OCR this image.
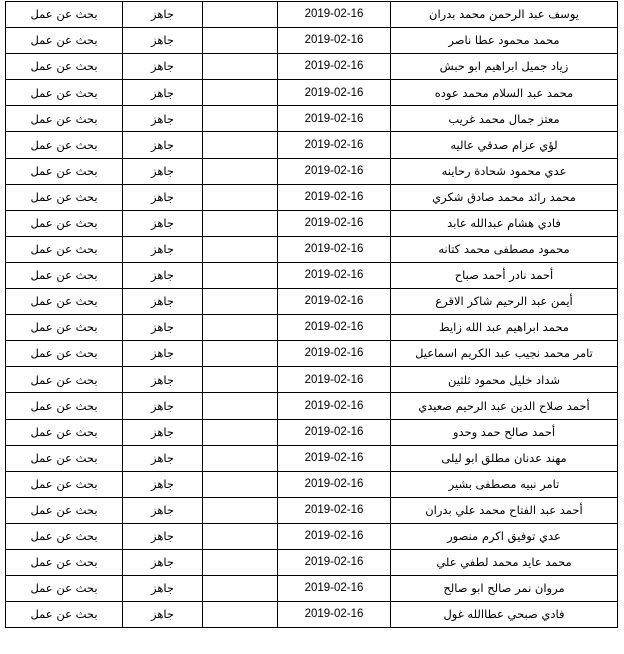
يوسف عبد الرحمن محمد بدران	2019-02-16		جاهز	بحث عن عمل
محمد محمود عطا ناصر	2019-02-16		جاهز	بحث عن عمل
زياد جميل ابراهيم ابو حبش	2019-02-16		جاهز	بحث عن عمل
محمد عبد السلام محمد عوده	2019-02-16		جاهز	بحث عن عمل
معتز جمال محمد غريب	2019-02-16		جاهز	بحث عن عمل
لؤي عزام صدقي عاليه	2019-02-16		جاهز	بحث عن عمل
عدي محمود شحادة رحاينه	2019-02-16		جاهز	بحث عن عمل
محمد رائد محمد صادق شكري	2019-02-16		جاهز	بحث عن عمل
فادي هشام عبدالله عابد	2019-02-16		جاهز	بحث عن عمل
محمود مصطفى محمد كتانه	2019-02-16		جاهز	بحث عن عمل
أحمد نادر أحمد صباح	2019-02-16		جاهز	بحث عن عمل
أيمن عبد الرحيم شاكر الاقرع	2019-02-16		جاهز	بحث عن عمل
محمد ابراهيم عبد الله زايط	2019-02-16		جاهز	بحث عن عمل
تامر محمد نجيب عبد الكريم اسماعيل	2019-02-16		جاهز	بحث عن عمل
شداد خليل محمود ثلثين	2019-02-16		جاهز	بحث عن عمل
أحمد صلاح الدين عبد الرحيم صعيدي	2019-02-16		جاهز	بحث عن عمل
أحمد صالح حمد وحدو	2019-02-16		جاهز	بحث عن عمل
مهند عدنان مطلق ابو ليلى	2019-02-16		جاهز	بحث عن عمل
تامر نبيه مصطفى بشير	2019-02-16		جاهز	بحث عن عمل
أحمد عبد الفتاح محمد علي بدران	2019-02-16		جاهز	بحث عن عمل
عدي توفيق اكرم منصور	2019-02-16		جاهز	بحث عن عمل
محمد عايد محمد لطفي علي	2019-02-16		جاهز	بحث عن عمل
مروان نمر صالح ابو صالح	2019-02-16		جاهز	بحث عن عمل
فادي صبحي عطاالله غول	2019-02-16		جاهز	بحث عن عمل
